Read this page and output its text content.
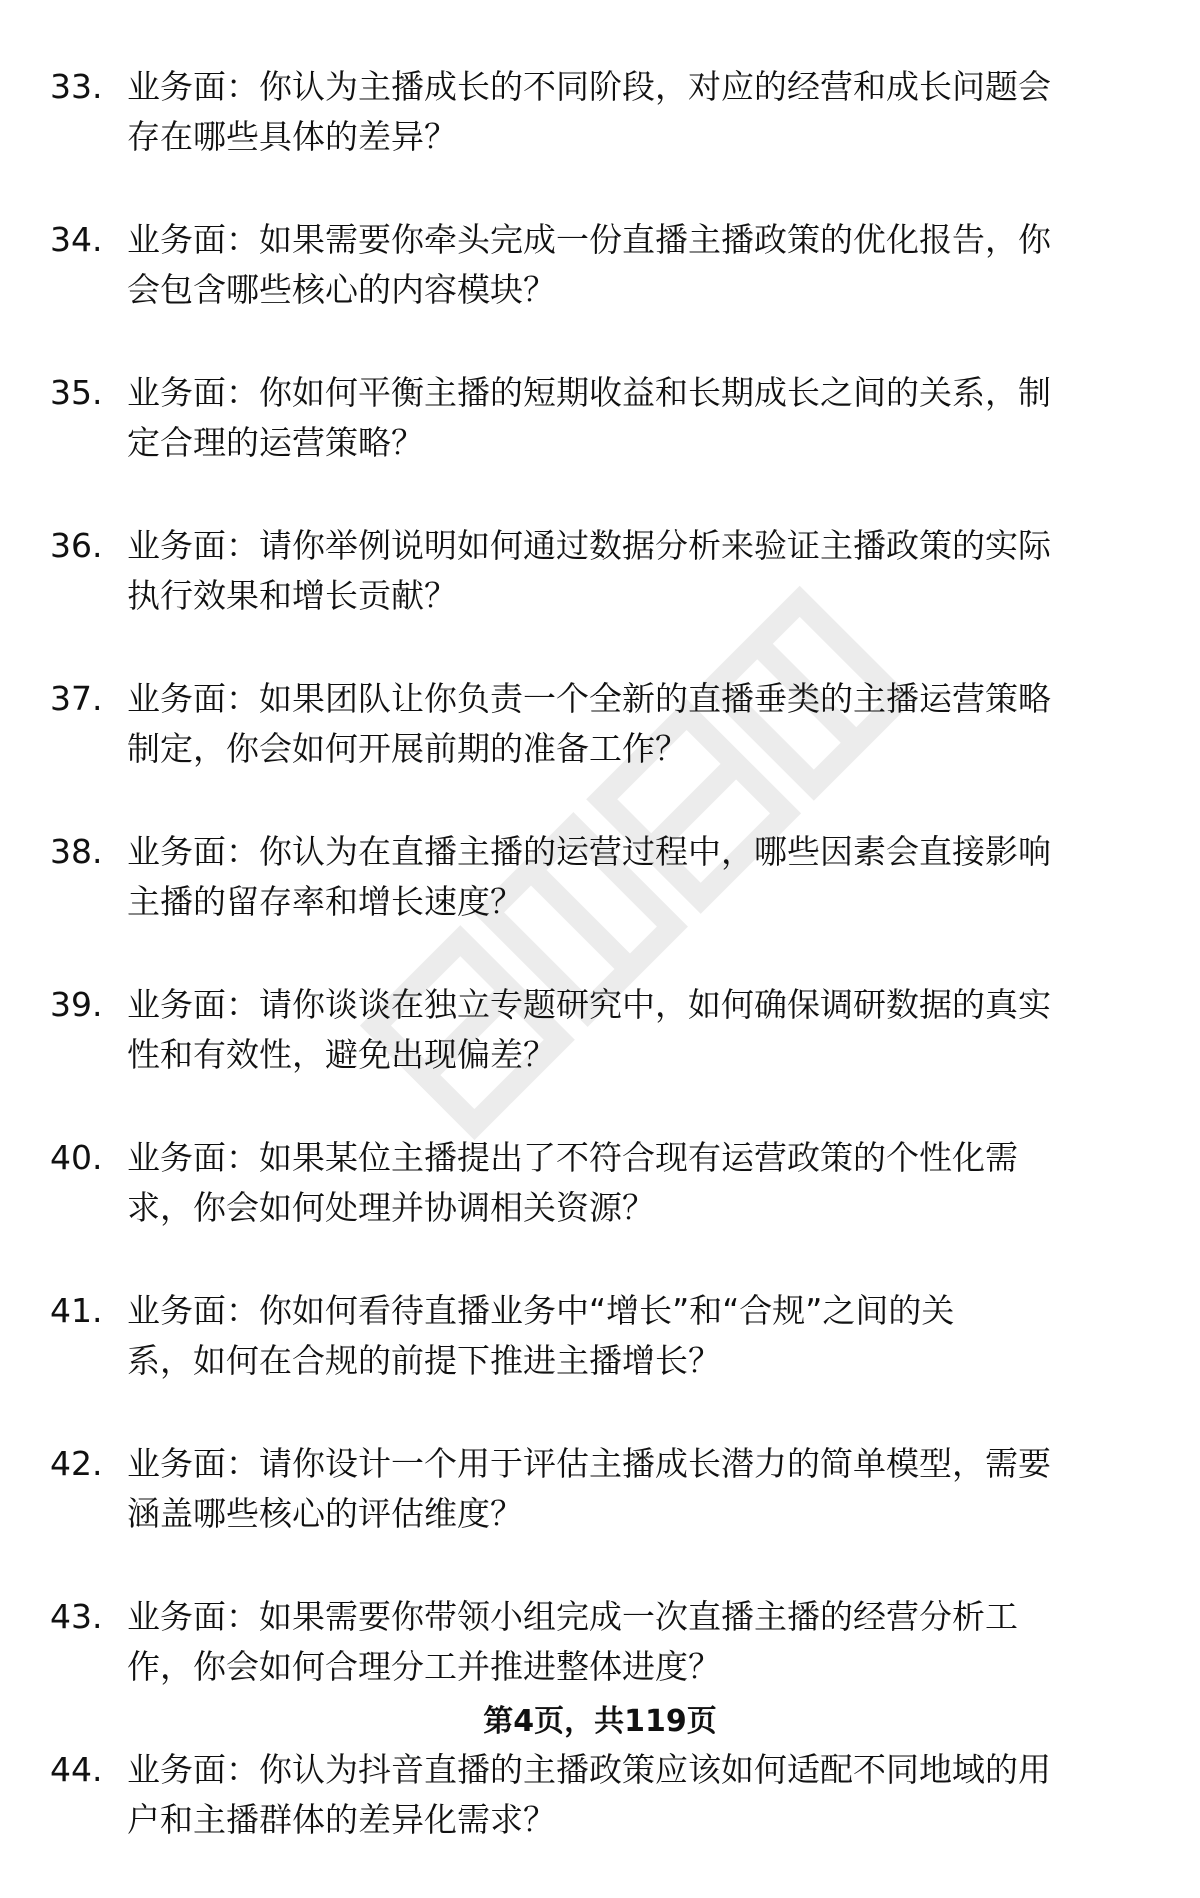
33. 业务面：你认为主播成长的不同阶段，对应的经营和成长问题会
存在哪些具体的差异？
34. 业务面：如果需要你牵头完成一份直播主播政策的优化报告，你
会包含哪些核心的内容模块？
35. 业务面：你如何平衡主播的短期收益和长期成长之间的关系，制
定合理的运营策略？
36. 业务面：请你举例说明如何通过数据分析来验证主播政策的实际
执行效果和增长贡献？
37. 业务面：如果团队让你负责一个全新的直播垂类的主播运营策略
制定，你会如何开展前期的准备工作？
38. 业务面：你认为在直播主播的运营过程中，哪些因素会直接影响
主播的留存率和增长速度？
39. 业务面：请你谈谈在独立专题研究中，如何确保调研数据的真实
性和有效性，避免出现偏差？
40. 业务面：如果某位主播提出了不符合现有运营政策的个性化需
求，你会如何处理并协调相关资源？
41. 业务面：你如何看待直播业务中“增长”和“合规”之间的关
系，如何在合规的前提下推进主播增长？
42. 业务面：请你设计一个用于评估主播成长潜力的简单模型，需要
涵盖哪些核心的评估维度？
43. 业务面：如果需要你带领小组完成一次直播主播的经营分析工
作，你会如何合理分工并推进整体进度？
44. 业务面：你认为抖音直播的主播政策应该如何适配不同地域的用
户和主播群体的差异化需求？
第4页，共119页
